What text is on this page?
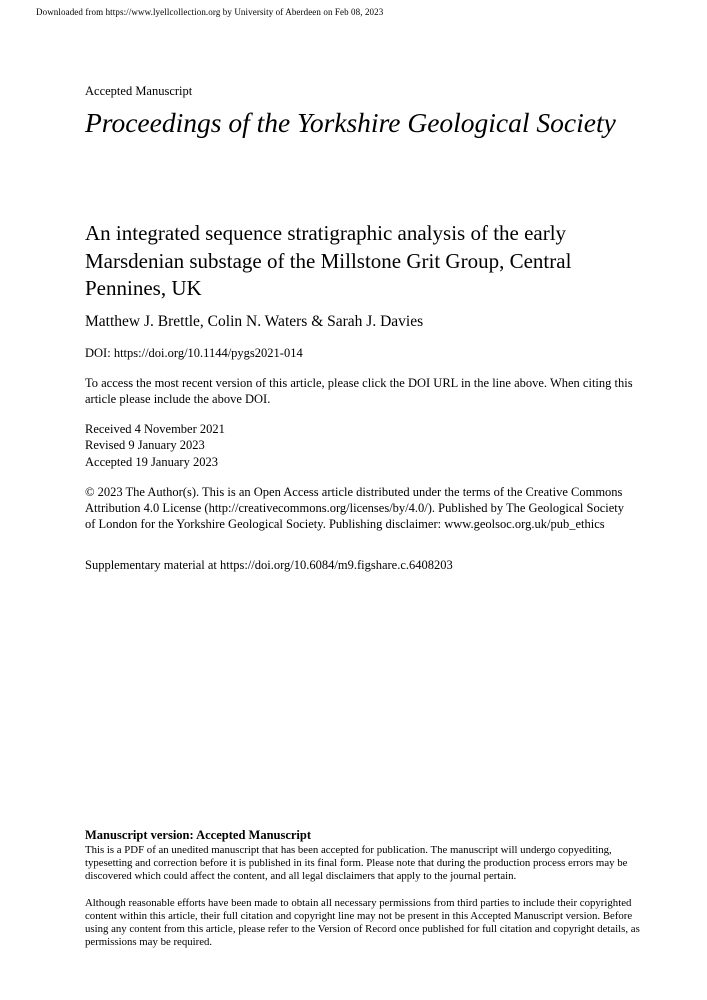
Downloaded from https://www.lyellcollection.org by University of Aberdeen on Feb 08, 2023
Accepted Manuscript
Proceedings of the Yorkshire Geological Society
An integrated sequence stratigraphic analysis of the early Marsdenian substage of the Millstone Grit Group, Central Pennines, UK
Matthew J. Brettle, Colin N. Waters & Sarah J. Davies
DOI: https://doi.org/10.1144/pygs2021-014
To access the most recent version of this article, please click the DOI URL in the line above. When citing this article please include the above DOI.
Received 4 November 2021
Revised 9 January 2023
Accepted 19 January 2023
© 2023 The Author(s). This is an Open Access article distributed under the terms of the Creative Commons Attribution 4.0 License (http://creativecommons.org/licenses/by/4.0/). Published by The Geological Society of London for the Yorkshire Geological Society. Publishing disclaimer: www.geolsoc.org.uk/pub_ethics
Supplementary material at https://doi.org/10.6084/m9.figshare.c.6408203
Manuscript version: Accepted Manuscript

This is a PDF of an unedited manuscript that has been accepted for publication. The manuscript will undergo copyediting, typesetting and correction before it is published in its final form. Please note that during the production process errors may be discovered which could affect the content, and all legal disclaimers that apply to the journal pertain.

Although reasonable efforts have been made to obtain all necessary permissions from third parties to include their copyrighted content within this article, their full citation and copyright line may not be present in this Accepted Manuscript version. Before using any content from this article, please refer to the Version of Record once published for full citation and copyright details, as permissions may be required.
